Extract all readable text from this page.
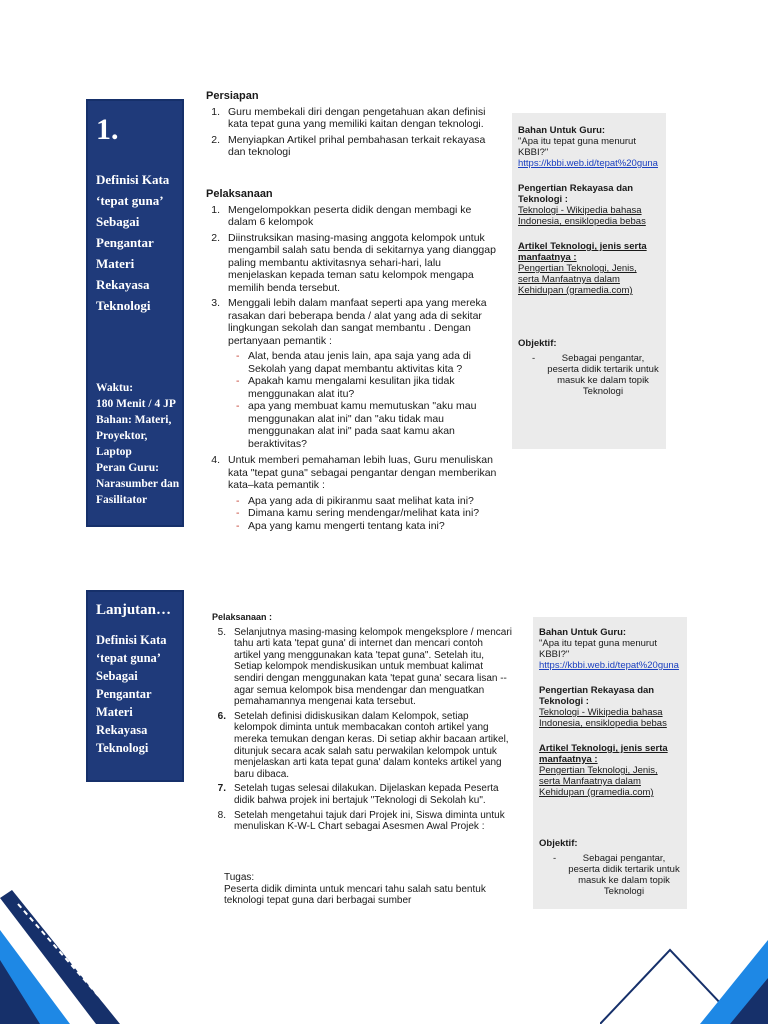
1.
Definisi Kata
‘tepat guna’
Sebagai
Pengantar
Materi
Rekayasa
Teknologi
Waktu:
180 Menit / 4 JP
Bahan: Materi,
Proyektor,
Laptop
Peran Guru:
Narasumber dan
Fasilitator
Persiapan
1. Guru membekali diri dengan pengetahuan akan definisi kata tepat guna yang memiliki kaitan dengan teknologi.
2. Menyiapkan Artikel prihal pembahasan terkait rekayasa dan teknologi
Pelaksanaan
1. Mengelompokkan peserta didik dengan membagi ke dalam 6 kelompok
2. Diinstruksikan masing-masing anggota kelompok untuk mengambil salah satu benda di sekitarnya yang dianggap paling membantu aktivitasnya sehari-hari, lalu menjelaskan kepada teman satu kelompok mengapa memilih benda tersebut.
3. Menggali lebih dalam manfaat seperti apa yang mereka rasakan dari beberapa benda / alat yang ada di sekitar lingkungan sekolah dan sangat membantu . Dengan pertanyaan pemantik :
- Alat, benda atau jenis lain, apa saja yang ada di Sekolah yang dapat membantu aktivitas kita ?
- Apakah kamu mengalami kesulitan jika tidak menggunakan alat itu?
- apa yang membuat kamu memutuskan "aku mau menggunakan alat ini" dan "aku tidak mau menggunakan alat ini" pada saat kamu akan beraktivitas?
4. Untuk memberi pemahaman lebih luas, Guru menuliskan kata "tepat guna" sebagai pengantar dengan memberikan kata–kata pemantik :
- Apa yang ada di pikiranmu saat melihat kata ini?
- Dimana kamu sering mendengar/melihat kata ini?
- Apa yang kamu mengerti tentang kata ini?
Bahan Untuk Guru:
"Apa itu tepat guna menurut KBBI?"
https://kbbi.web.id/tepat%20guna
Pengertian Rekayasa dan Teknologi :
Teknologi - Wikipedia bahasa Indonesia, ensiklopedia bebas
Artikel Teknologi, jenis serta manfaatnya :
Pengertian Teknologi, Jenis, serta Manfaatnya dalam Kehidupan (gramedia.com)
Objektif:
-	Sebagai pengantar, peserta didik tertarik untuk masuk ke dalam topik Teknologi
Lanjutan…
Definisi Kata
‘tepat guna’
Sebagai
Pengantar
Materi
Rekayasa
Teknologi
Pelaksanaan :
5. Selanjutnya masing-masing kelompok mengeksplore / mencari tahu arti kata 'tepat guna' di internet dan mencari contoh artikel yang menggunakan kata 'tepat guna". Setelah itu, Setiap kelompok mendiskusikan untuk membuat kalimat sendiri dengan menggunakan kata 'tepat guna' secara lisan -- agar semua kelompok bisa mendengar dan menguatkan pemahamannya mengenai kata tersebut.
6. Setelah definisi didiskusikan dalam Kelompok, setiap kelompok diminta untuk membacakan contoh artikel yang mereka temukan dengan keras. Di setiap akhir bacaan artikel, ditunjuk secara acak salah satu perwakilan kelompok untuk menjelaskan arti kata tepat guna' dalam konteks artikel yang baru dibaca.
7. Setelah tugas selesai dilakukan. Dijelaskan kepada Peserta didik bahwa projek ini bertajuk "Teknologi di Sekolah ku".
8. Setelah mengetahui tajuk dari Projek ini, Siswa diminta untuk menuliskan K-W-L Chart sebagai Asesmen Awal Projek :
Tugas:
Peserta didik diminta untuk mencari tahu salah satu bentuk teknologi tepat guna dari berbagai sumber
Bahan Untuk Guru:
"Apa itu tepat guna menurut KBBI?"
https://kbbi.web.id/tepat%20guna
Pengertian Rekayasa dan Teknologi :
Teknologi - Wikipedia bahasa Indonesia, ensiklopedia bebas
Artikel Teknologi, jenis serta manfaatnya :
Pengertian Teknologi, Jenis, serta Manfaatnya dalam Kehidupan (gramedia.com)
Objektif:
-	Sebagai pengantar, peserta didik tertarik untuk masuk ke dalam topik Teknologi
